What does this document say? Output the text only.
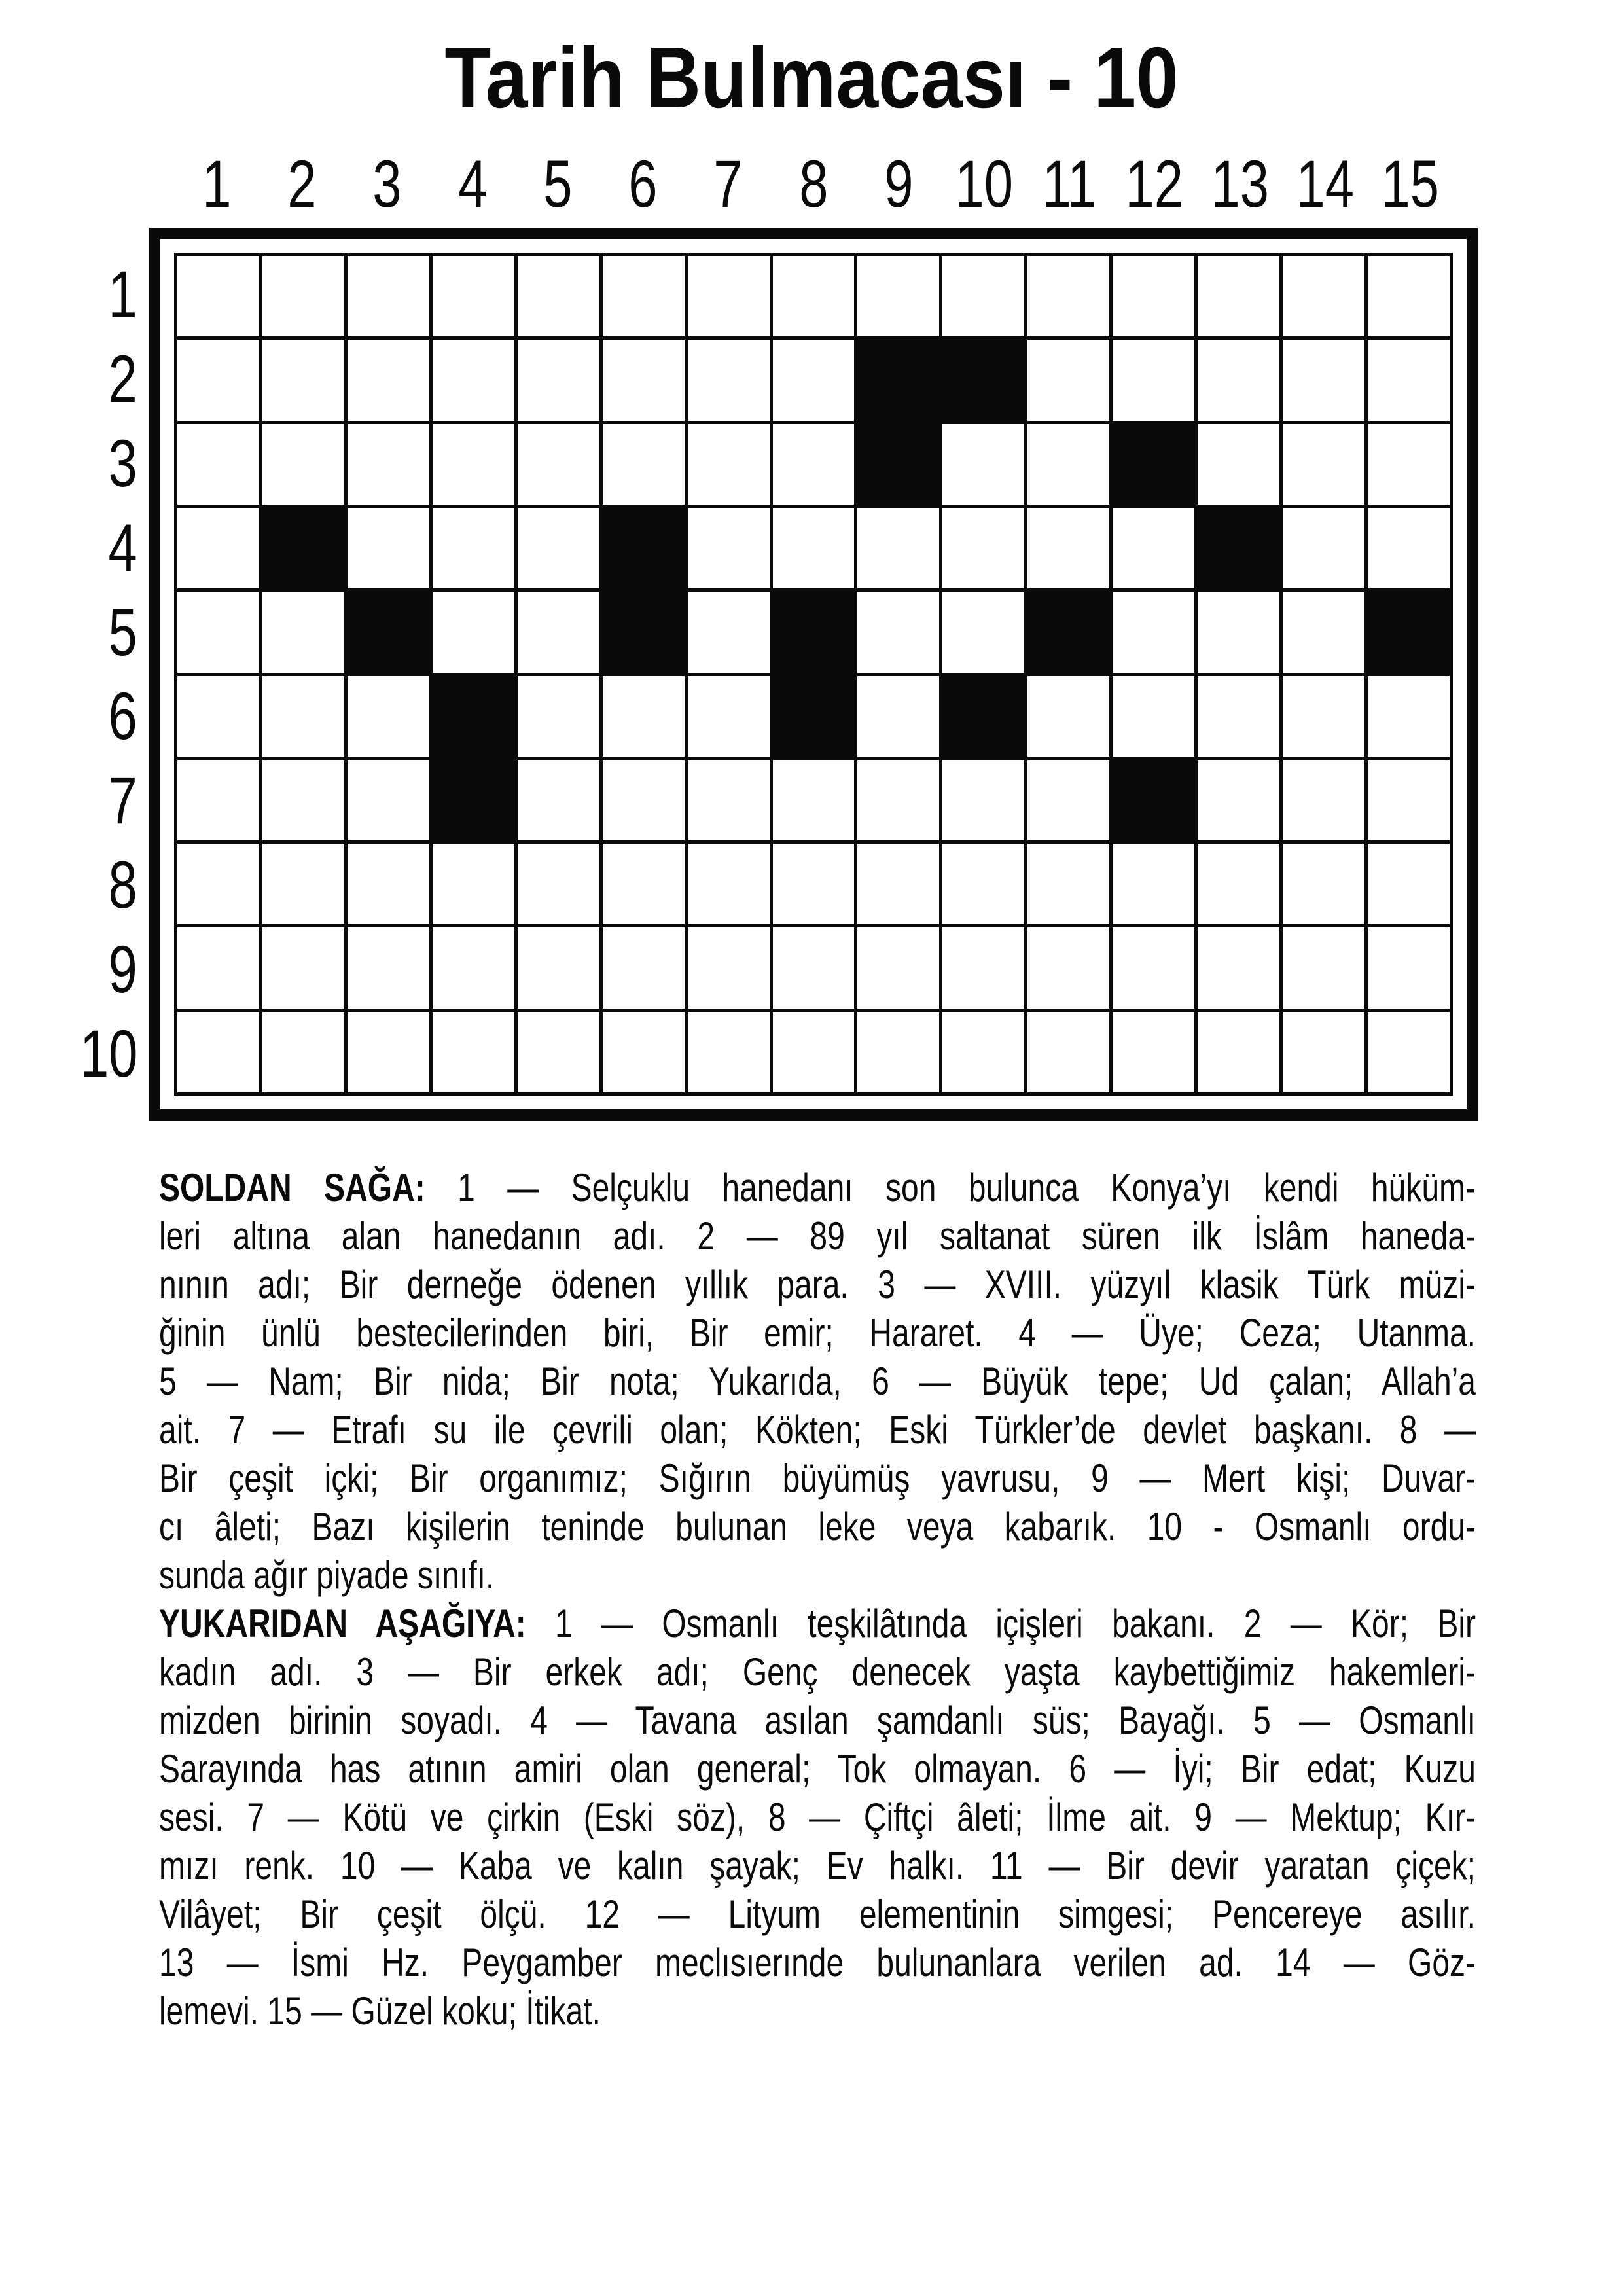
Tarih Bulmacası - 10
1 2 3 4 5 6 7 8 9 10 11 12 13 14 15
1
2
3
4
5
6
7
8
9
10
SOLDAN SAĞA: 1 — Selçuklu hanedanı son bulunca Konya’yı kendi hüküm-
leri altına alan hanedanın adı. 2 — 89 yıl saltanat süren ilk İslâm haneda-
nının adı; Bir derneğe ödenen yıllık para. 3 — XVIII. yüzyıl klasik Türk müzi-
ğinin ünlü bestecilerinden biri, Bir emir; Hararet. 4 — Üye; Ceza; Utanma.
5 — Nam; Bir nida; Bir nota; Yukarıda, 6 — Büyük tepe; Ud çalan; Allah’a
ait. 7 — Etrafı su ile çevrili olan; Kökten; Eski Türkler’de devlet başkanı. 8 —
Bir çeşit içki; Bir organımız; Sığırın büyümüş yavrusu, 9 — Mert kişi; Duvar-
cı âleti; Bazı kişilerin teninde bulunan leke veya kabarık. 10 - Osmanlı ordu-
sunda ağır piyade sınıfı.
YUKARIDAN AŞAĞIYA: 1 — Osmanlı teşkilâtında içişleri bakanı. 2 — Kör; Bir
kadın adı. 3 — Bir erkek adı; Genç denecek yaşta kaybettiğimiz hakemleri-
mizden birinin soyadı. 4 — Tavana asılan şamdanlı süs; Bayağı. 5 — Osmanlı
Sarayında has atının amiri olan general; Tok olmayan. 6 — İyi; Bir edat; Kuzu
sesi. 7 — Kötü ve çirkin (Eski söz), 8 — Çiftçi âleti; İlme ait. 9 — Mektup; Kır-
mızı renk. 10 — Kaba ve kalın şayak; Ev halkı. 11 — Bir devir yaratan çiçek;
Vilâyet; Bir çeşit ölçü. 12 — Lityum elementinin simgesi; Pencereye asılır.
13 — İsmi Hz. Peygamber meclısıerınde bulunanlara verilen ad. 14 — Göz-
lemevi. 15 — Güzel koku; İtikat.
